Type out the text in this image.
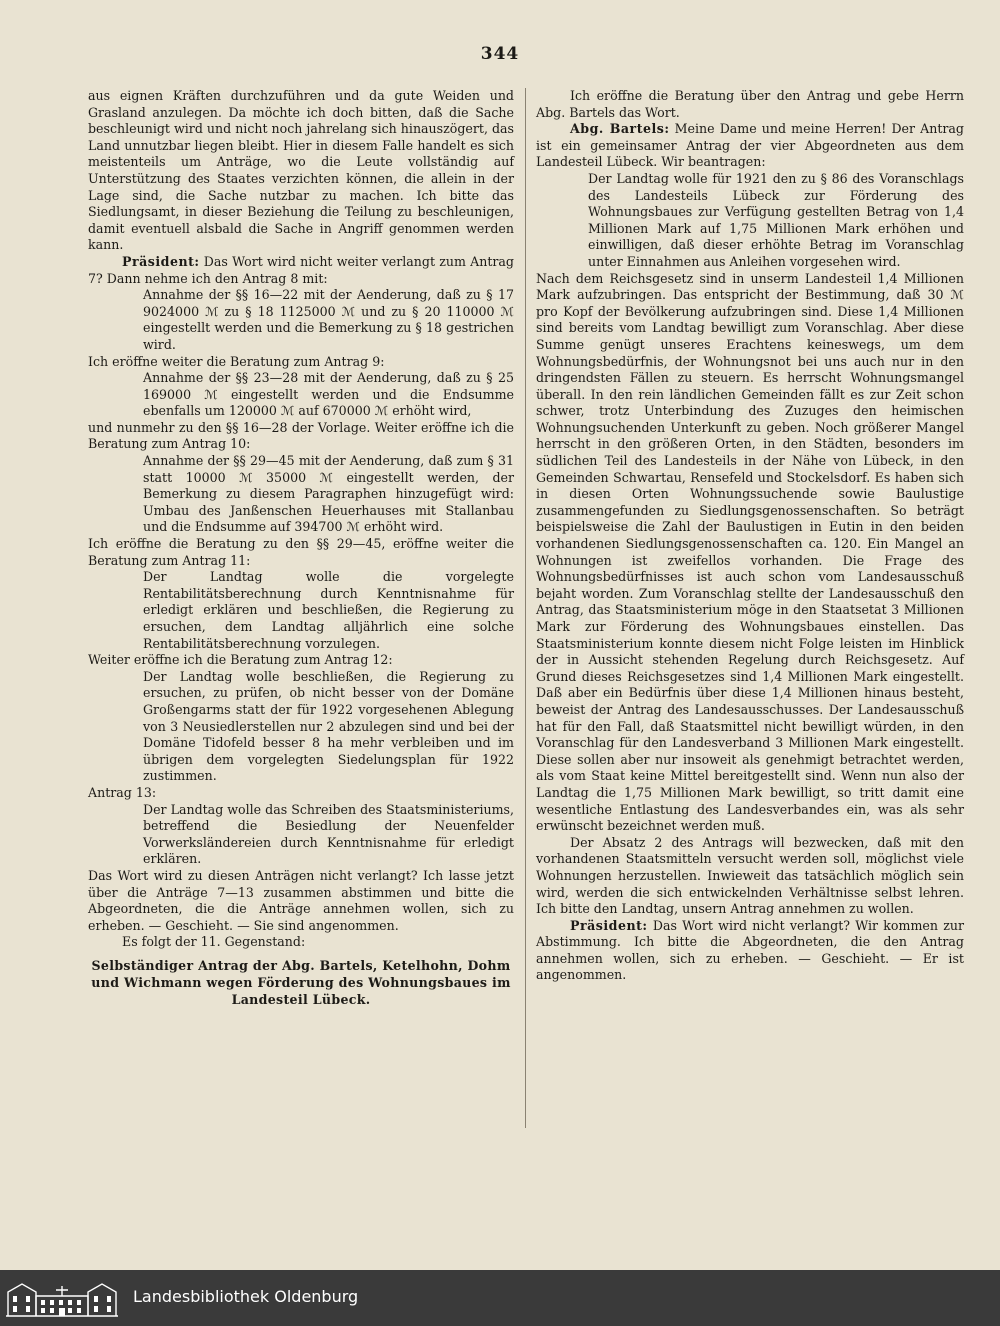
344

aus eignen Kräften durchzuführen und da gute Weiden und Grasland anzulegen. Da möchte ich doch bitten, daß die Sache beschleunigt wird und nicht noch jahrelang sich hinauszögert, das Land unnutzbar liegen bleibt. Hier in diesem Falle handelt es sich meistenteils um Anträge, wo die Leute vollständig auf Unterstützung des Staates verzichten können, die allein in der Lage sind, die Sache nutzbar zu machen. Ich bitte das Siedlungsamt, in dieser Beziehung die Teilung zu beschleunigen, damit eventuell alsbald die Sache in Angriff genommen werden kann.

Präsident: Das Wort wird nicht weiter verlangt zum Antrag 7? Dann nehme ich den Antrag 8 mit:

Annahme der §§ 16—22 mit der Aenderung, daß zu § 17 9024000 ℳ zu § 18 1125000 ℳ und zu § 20 110000 ℳ eingestellt werden und die Bemerkung zu § 18 gestrichen wird.

Ich eröffne weiter die Beratung zum Antrag 9:

Annahme der §§ 23—28 mit der Aenderung, daß zu § 25 169000 ℳ eingestellt werden und die Endsumme ebenfalls um 120000 ℳ auf 670000 ℳ erhöht wird,

und nunmehr zu den §§ 16—28 der Vorlage. Weiter eröffne ich die Beratung zum Antrag 10:

Annahme der §§ 29—45 mit der Aenderung, daß zum § 31 statt 10000 ℳ 35000 ℳ eingestellt werden, der Bemerkung zu diesem Paragraphen hinzugefügt wird: Umbau des Janßenschen Heuerhauses mit Stallanbau und die Endsumme auf 394700 ℳ erhöht wird.

Ich eröffne die Beratung zu den §§ 29—45, eröffne weiter die Beratung zum Antrag 11:

Der Landtag wolle die vorgelegte Rentabilitätsberechnung durch Kenntnisnahme für erledigt erklären und beschließen, die Regierung zu ersuchen, dem Landtag alljährlich eine solche Rentabilitätsberechnung vorzulegen.

Weiter eröffne ich die Beratung zum Antrag 12:

Der Landtag wolle beschließen, die Regierung zu ersuchen, zu prüfen, ob nicht besser von der Domäne Großengarms statt der für 1922 vorgesehenen Ablegung von 3 Neusiedlerstellen nur 2 abzulegen sind und bei der Domäne Tidofeld besser 8 ha mehr verbleiben und im übrigen dem vorgelegten Siedelungsplan für 1922 zustimmen.

Antrag 13:

Der Landtag wolle das Schreiben des Staatsministeriums, betreffend die Besiedlung der Neuenfelder Vorwerksländereien durch Kenntnisnahme für erledigt erklären.

Das Wort wird zu diesen Anträgen nicht verlangt? Ich lasse jetzt über die Anträge 7—13 zusammen abstimmen und bitte die Abgeordneten, die die Anträge annehmen wollen, sich zu erheben. — Geschieht. — Sie sind angenommen.

Es folgt der 11. Gegenstand:

Selbständiger Antrag der Abg. Bartels, Ketelhohn, Dohm und Wichmann wegen Förderung des Wohnungsbaues im Landesteil Lübeck.

Ich eröffne die Beratung über den Antrag und gebe Herrn Abg. Bartels das Wort.

Abg. Bartels: Meine Dame und meine Herren! Der Antrag ist ein gemeinsamer Antrag der vier Abgeordneten aus dem Landesteil Lübeck. Wir beantragen:

Der Landtag wolle für 1921 den zu § 86 des Voranschlags des Landesteils Lübeck zur Förderung des Wohnungsbaues zur Verfügung gestellten Betrag von 1,4 Millionen Mark auf 1,75 Millionen Mark erhöhen und einwilligen, daß dieser erhöhte Betrag im Voranschlag unter Einnahmen aus Anleihen vorgesehen wird.

Nach dem Reichsgesetz sind in unserm Landesteil 1,4 Millionen Mark aufzubringen. Das entspricht der Bestimmung, daß 30 ℳ pro Kopf der Bevölkerung aufzubringen sind. Diese 1,4 Millionen sind bereits vom Landtag bewilligt zum Voranschlag. Aber diese Summe genügt unseres Erachtens keineswegs, um dem Wohnungsbedürfnis, der Wohnungsnot bei uns auch nur in den dringendsten Fällen zu steuern. Es herrscht Wohnungsmangel überall. In den rein ländlichen Gemeinden fällt es zur Zeit schon schwer, trotz Unterbindung des Zuzuges den heimischen Wohnungsuchenden Unterkunft zu geben. Noch größerer Mangel herrscht in den größeren Orten, in den Städten, besonders im südlichen Teil des Landesteils in der Nähe von Lübeck, in den Gemeinden Schwartau, Rensefeld und Stockelsdorf. Es haben sich in diesen Orten Wohnungssuchende sowie Baulustige zusammengefunden zu Siedlungsgenossenschaften. So beträgt beispielsweise die Zahl der Baulustigen in Eutin in den beiden vorhandenen Siedlungsgenossenschaften ca. 120. Ein Mangel an Wohnungen ist zweifellos vorhanden. Die Frage des Wohnungsbedürfnisses ist auch schon vom Landesausschuß bejaht worden. Zum Voranschlag stellte der Landesausschuß den Antrag, das Staatsministerium möge in den Staatsetat 3 Millionen Mark zur Förderung des Wohnungsbaues einstellen. Das Staatsministerium konnte diesem nicht Folge leisten im Hinblick der in Aussicht stehenden Regelung durch Reichsgesetz. Auf Grund dieses Reichsgesetzes sind 1,4 Millionen Mark eingestellt. Daß aber ein Bedürfnis über diese 1,4 Millionen hinaus besteht, beweist der Antrag des Landesausschusses. Der Landesausschuß hat für den Fall, daß Staatsmittel nicht bewilligt würden, in den Voranschlag für den Landesverband 3 Millionen Mark eingestellt. Diese sollen aber nur insoweit als genehmigt betrachtet werden, als vom Staat keine Mittel bereitgestellt sind. Wenn nun also der Landtag die 1,75 Millionen Mark bewilligt, so tritt damit eine wesentliche Entlastung des Landesverbandes ein, was als sehr erwünscht bezeichnet werden muß.

Der Absatz 2 des Antrags will bezwecken, daß mit den vorhandenen Staatsmitteln versucht werden soll, möglichst viele Wohnungen herzustellen. Inwieweit das tatsächlich möglich sein wird, werden die sich entwickelnden Verhältnisse selbst lehren. Ich bitte den Landtag, unsern Antrag annehmen zu wollen.

Präsident: Das Wort wird nicht verlangt? Wir kommen zur Abstimmung. Ich bitte die Abgeordneten, die den Antrag annehmen wollen, sich zu erheben. — Geschieht. — Er ist angenommen.

Landesbibliothek Oldenburg
